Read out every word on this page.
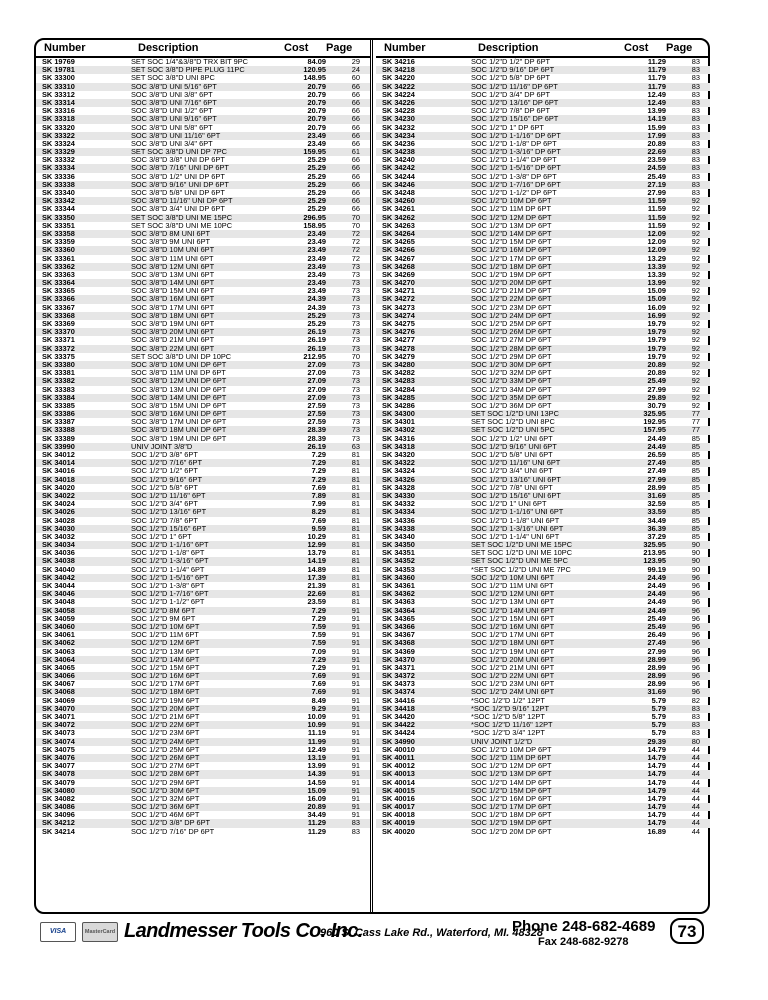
Number	Description	Cost Page
SK 19769	SET SOC 1/4"&3/8"D TRX BIT 9PC	84.09	29
SK 19781	SET SOC 3/8"D PIPE PLUG 11PC	120.95	24
SK 33300	SET SOC 3/8"D UNI 8PC	148.95	60
SK 33310	SOC 3/8"D UNI 5/16" 6PT	20.79	66
SK 33312	SOC 3/8"D UNI 3/8" 6PT	20.79	66
SK 33314	SOC 3/8"D UNI 7/16" 6PT	20.79	66
SK 33316	SOC 3/8"D UNI 1/2" 6PT	20.79	66
SK 33318	SOC 3/8"D UNI 9/16" 6PT	20.79	66
SK 33320	SOC 3/8"D UNI 5/8" 6PT	20.79	66
SK 33322	SOC 3/8"D UNI 11/16" 6PT	23.49	66
SK 33324	SOC 3/8"D UNI 3/4" 6PT	23.49	66
SK 33329	SET SOC 3/8"D UNI DP 7PC	159.95	61
SK 33332	SOC 3/8"D 3/8" UNI DP 6PT	25.29	66
SK 33334	SOC 3/8"D 7/16" UNI DP 6PT	25.29	66
SK 33336	SOC 3/8"D 1/2" UNI DP 6PT	25.29	66
SK 33338	SOC 3/8"D 9/16" UNI DP 6PT	25.29	66
SK 33340	SOC 3/8"D 5/8" UNI DP 6PT	25.29	66
SK 33342	SOC 3/8"D 11/16" UNI DP 6PT	25.29	66
SK 33344	SOC 3/8"D 3/4" UNI DP 6PT	25.29	66
SK 33350	SET SOC 3/8"D UNI ME 15PC	296.95	70
SK 33351	SET SOC 3/8"D UNI ME 10PC	158.95	70
SK 33358	SOC 3/8"D 8M UNI 6PT	23.49	72
SK 33359	SOC 3/8"D 9M UNI 6PT	23.49	72
SK 33360	SOC 3/8"D 10M UNI 6PT	23.49	72
SK 33361	SOC 3/8"D 11M UNI 6PT	23.49	72
SK 33362	SOC 3/8"D 12M UNI 6PT	23.49	73
SK 33363	SOC 3/8"D 13M UNI 6PT	23.49	73
SK 33364	SOC 3/8"D 14M UNI 6PT	23.49	73
SK 33365	SOC 3/8"D 15M UNI 6PT	23.49	73
SK 33366	SOC 3/8"D 16M UNI 6PT	24.39	73
SK 33367	SOC 3/8"D 17M UNI 6PT	24.39	73
SK 33368	SOC 3/8"D 18M UNI 6PT	25.29	73
SK 33369	SOC 3/8"D 19M UNI 6PT	25.29	73
SK 33370	SOC 3/8"D 20M UNI 6PT	26.19	73
SK 33371	SOC 3/8"D 21M UNI 6PT	26.19	73
SK 33372	SOC 3/8"D 22M UNI 6PT	26.19	73
SK 33375	SET SOC 3/8"D UNI DP 10PC	212.95	70
SK 33380	SOC 3/8"D 10M UNI DP 6PT	27.09	73
SK 33381	SOC 3/8"D 11M UNI DP 6PT	27.09	73
SK 33382	SOC 3/8"D 12M UNI DP 6PT	27.09	73
SK 33383	SOC 3/8"D 13M UNI DP 6PT	27.09	73
SK 33384	SOC 3/8"D 14M UNI DP 6PT	27.09	73
SK 33385	SOC 3/8"D 15M UNI DP 6PT	27.59	73
SK 33386	SOC 3/8"D 16M UNI DP 6PT	27.59	73
SK 33387	SOC 3/8"D 17M UNI DP 6PT	27.59	73
SK 33388	SOC 3/8"D 18M UNI DP 6PT	28.39	73
SK 33389	SOC 3/8"D 19M UNI DP 6PT	28.39	73
SK 33990	UNIV JOINT 3/8"D	26.19	63
SK 34012	SOC 1/2"D 3/8" 6PT	7.29	81
SK 34014	SOC 1/2"D 7/16" 6PT	7.29	81
SK 34016	SOC 1/2"D 1/2" 6PT	7.29	81
SK 34018	SOC 1/2"D 9/16" 6PT	7.29	81
SK 34020	SOC 1/2"D 5/8" 6PT	7.69	81
SK 34022	SOC 1/2"D 11/16" 6PT	7.89	81
SK 34024	SOC 1/2"D 3/4" 6PT	7.99	81
SK 34026	SOC 1/2"D 13/16" 6PT	8.29	81
SK 34028	SOC 1/2"D 7/8" 6PT	7.69	81
SK 34030	SOC 1/2"D 15/16" 6PT	9.59	81
SK 34032	SOC 1/2"D 1" 6PT	10.29	81
SK 34034	SOC 1/2"D 1-1/16" 6PT	12.99	81
SK 34036	SOC 1/2"D 1-1/8" 6PT	13.79	81
SK 34038	SOC 1/2"D 1-3/16" 6PT	14.19	81
SK 34040	SOC 1/2"D 1-1/4" 6PT	14.89	81
SK 34042	SOC 1/2"D 1-5/16" 6PT	17.39	81
SK 34044	SOC 1/2"D 1-3/8" 6PT	21.39	81
SK 34046	SOC 1/2"D 1-7/16" 6PT	22.69	81
SK 34048	SOC 1/2"D 1-1/2" 6PT	23.59	81
SK 34058	SOC 1/2"D 8M 6PT	7.29	91
SK 34059	SOC 1/2"D 9M 6PT	7.29	91
SK 34060	SOC 1/2"D 10M 6PT	7.59	91
SK 34061	SOC 1/2"D 11M 6PT	7.59	91
SK 34062	SOC 1/2"D 12M 6PT	7.59	91
SK 34063	SOC 1/2"D 13M 6PT	7.09	91
SK 34064	SOC 1/2"D 14M 6PT	7.29	91
SK 34065	SOC 1/2"D 15M 6PT	7.29	91
SK 34066	SOC 1/2"D 16M 6PT	7.69	91
SK 34067	SOC 1/2"D 17M 6PT	7.69	91
SK 34068	SOC 1/2"D 18M 6PT	7.69	91
SK 34069	SOC 1/2"D 19M 6PT	8.49	91
SK 34070	SOC 1/2"D 20M 6PT	9.29	91
SK 34071	SOC 1/2"D 21M 6PT	10.09	91
SK 34072	SOC 1/2"D 22M 6PT	10.99	91
SK 34073	SOC 1/2"D 23M 6PT	11.19	91
SK 34074	SOC 1/2"D 24M 6PT	11.99	91
SK 34075	SOC 1/2"D 25M 6PT	12.49	91
SK 34076	SOC 1/2"D 26M 6PT	13.19	91
SK 34077	SOC 1/2"D 27M 6PT	13.99	91
SK 34078	SOC 1/2"D 28M 6PT	14.39	91
SK 34079	SOC 1/2"D 29M 6PT	14.59	91
SK 34080	SOC 1/2"D 30M 6PT	15.09	91
SK 34082	SOC 1/2"D 32M 6PT	16.09	91
SK 34086	SOC 1/2"D 36M 6PT	20.89	91
SK 34096	SOC 1/2"D 46M 6PT	34.49	91
SK 34212	SOC 1/2"D 3/8" DP 6PT	11.29	83
SK 34214	SOC 1/2"D 7/16" DP 6PT	11.29	83
Number	Description	Cost Page
SK 34216	SOC 1/2"D 1/2" DP 6PT	11.29	83
SK 34218	SOC 1/2"D 9/16" DP 6PT	11.79	83
SK 34220	SOC 1/2"D 5/8" DP 6PT	11.79	83
SK 34222	SOC 1/2"D 11/16" DP 6PT	11.79	83
SK 34224	SOC 1/2"D 3/4" DP 6PT	12.49	83
SK 34226	SOC 1/2"D 13/16" DP 6PT	12.49	83
SK 34228	SOC 1/2"D 7/8" DP 6PT	13.99	83
SK 34230	SOC 1/2"D 15/16" DP 6PT	14.19	83
SK 34232	SOC 1/2"D 1" DP 6PT	15.99	83
SK 34234	SOC 1/2"D 1-1/16" DP 6PT	17.99	83
SK 34236	SOC 1/2"D 1-1/8" DP 6PT	20.89	83
SK 34238	SOC 1/2"D 1-3/16" DP 6PT	22.69	83
SK 34240	SOC 1/2"D 1-1/4" DP 6PT	23.59	83
SK 34242	SOC 1/2"D 1-5/16" DP 6PT	24.59	83
SK 34244	SOC 1/2"D 1-3/8" DP 6PT	25.49	83
SK 34246	SOC 1/2"D 1-7/16" DP 6PT	27.19	83
SK 34248	SOC 1/2"D 1-1/2" DP 6PT	27.99	83
SK 34260	SOC 1/2"D 10M DP 6PT	11.59	92
SK 34261	SOC 1/2"D 11M DP 6PT	11.59	92
SK 34262	SOC 1/2"D 12M DP 6PT	11.59	92
SK 34263	SOC 1/2"D 13M DP 6PT	11.59	92
SK 34264	SOC 1/2"D 14M DP 6PT	12.09	92
SK 34265	SOC 1/2"D 15M DP 6PT	12.09	92
SK 34266	SOC 1/2"D 16M DP 6PT	12.09	92
SK 34267	SOC 1/2"D 17M DP 6PT	13.29	92
SK 34268	SOC 1/2"D 18M DP 6PT	13.39	92
SK 34269	SOC 1/2"D 19M DP 6PT	13.39	92
SK 34270	SOC 1/2"D 20M DP 6PT	13.99	92
SK 34271	SOC 1/2"D 21M DP 6PT	15.09	92
SK 34272	SOC 1/2"D 22M DP 6PT	15.09	92
SK 34273	SOC 1/2"D 23M DP 6PT	16.09	92
SK 34274	SOC 1/2"D 24M DP 6PT	16.99	92
SK 34275	SOC 1/2"D 25M DP 6PT	19.79	92
SK 34276	SOC 1/2"D 26M DP 6PT	19.79	92
SK 34277	SOC 1/2"D 27M DP 6PT	19.79	92
SK 34278	SOC 1/2"D 28M DP 6PT	19.79	92
SK 34279	SOC 1/2"D 29M DP 6PT	19.79	92
SK 34280	SOC 1/2"D 30M DP 6PT	20.89	92
SK 34282	SOC 1/2"D 32M DP 6PT	20.89	92
SK 34283	SOC 1/2"D 33M DP 6PT	25.49	92
SK 34284	SOC 1/2"D 34M DP 6PT	27.99	92
SK 34285	SOC 1/2"D 35M DP 6PT	29.89	92
SK 34286	SOC 1/2"D 36M DP 6PT	30.79	92
SK 34300	SET SOC 1/2"D UNI 13PC	325.95	77
SK 34301	SET SOC 1/2"D UNI 8PC	192.95	77
SK 34302	SET SOC 1/2"D UNI 5PC	157.95	77
SK 34316	SOC 1/2"D 1/2" UNI 6PT	24.49	85
SK 34318	SOC 1/2"D 9/16" UNI 6PT	24.49	85
SK 34320	SOC 1/2"D 5/8" UNI 6PT	26.59	85
SK 34322	SOC 1/2"D 11/16" UNI 6PT	27.49	85
SK 34324	SOC 1/2"D 3/4" UNI 6PT	27.49	85
SK 34326	SOC 1/2"D 13/16" UNI 6PT	27.99	85
SK 34328	SOC 1/2"D 7/8" UNI 6PT	28.99	85
SK 34330	SOC 1/2"D 15/16" UNI 6PT	31.69	85
SK 34332	SOC 1/2"D 1" UNI 6PT	32.59	85
SK 34334	SOC 1/2"D 1-1/16" UNI 6PT	33.59	85
SK 34336	SOC 1/2"D 1-1/8" UNI 6PT	34.49	85
SK 34338	SOC 1/2"D 1-3/16" UNI 6PT	36.39	85
SK 34340	SOC 1/2"D 1-1/4" UNI 6PT	37.29	85
SK 34350	SET SOC 1/2"D UNI ME 15PC	325.95	90
SK 34351	SET SOC 1/2"D UNI ME 10PC	213.95	90
SK 34352	SET SOC 1/2"D UNI ME 5PC	123.95	90
SK 34353	*SET SOC 1/2"D UNI ME 7PC	99.19	90
SK 34360	SOC 1/2"D 10M UNI 6PT	24.49	96
SK 34361	SOC 1/2"D 11M UNI 6PT	24.49	96
SK 34362	SOC 1/2"D 12M UNI 6PT	24.49	96
SK 34363	SOC 1/2"D 13M UNI 6PT	24.49	96
SK 34364	SOC 1/2"D 14M UNI 6PT	24.49	96
SK 34365	SOC 1/2"D 15M UNI 6PT	25.49	96
SK 34366	SOC 1/2"D 16M UNI 6PT	25.49	96
SK 34367	SOC 1/2"D 17M UNI 6PT	26.49	96
SK 34368	SOC 1/2"D 18M UNI 6PT	27.49	96
SK 34369	SOC 1/2"D 19M UNI 6PT	27.99	96
SK 34370	SOC 1/2"D 20M UNI 6PT	28.99	96
SK 34371	SOC 1/2"D 21M UNI 6PT	28.99	96
SK 34372	SOC 1/2"D 22M UNI 6PT	28.99	96
SK 34373	SOC 1/2"D 23M UNI 6PT	28.99	96
SK 34374	SOC 1/2"D 24M UNI 6PT	31.69	96
SK 34416	*SOC 1/2"D 1/2" 12PT	5.79	82
SK 34418	*SOC 1/2"D 9/16" 12PT	5.79	83
SK 34420	*SOC 1/2"D 5/8" 12PT	5.79	83
SK 34422	*SOC 1/2"D 11/16" 12PT	5.79	83
SK 34424	*SOC 1/2"D 3/4" 12PT	5.79	83
SK 34990	UNIV JOINT 1/2"D	29.39	80
SK 40010	SOC 1/2"D 10M DP 6PT	14.79	44
SK 40011	SOC 1/2"D 11M DP 6PT	14.79	44
SK 40012	SOC 1/2"D 12M DP 6PT	14.79	44
SK 40013	SOC 1/2"D 13M DP 6PT	14.79	44
SK 40014	SOC 1/2"D 14M DP 6PT	14.79	44
SK 40015	SOC 1/2"D 15M DP 6PT	14.79	44
SK 40016	SOC 1/2"D 16M DP 6PT	14.79	44
SK 40017	SOC 1/2"D 17M DP 6PT	14.79	44
SK 40018	SOC 1/2"D 18M DP 6PT	14.79	44
SK 40019	SOC 1/2"D 19M DP 6PT	14.79	44
SK 40020	SOC 1/2"D 20M DP 6PT	16.89	44
VISA	MasterCard Landmesser Tools Co. Inc.
960 S. Cass Lake Rd., Waterford, MI. 48328
Phone 248-682-4689
Fax 248-682-9278
73
